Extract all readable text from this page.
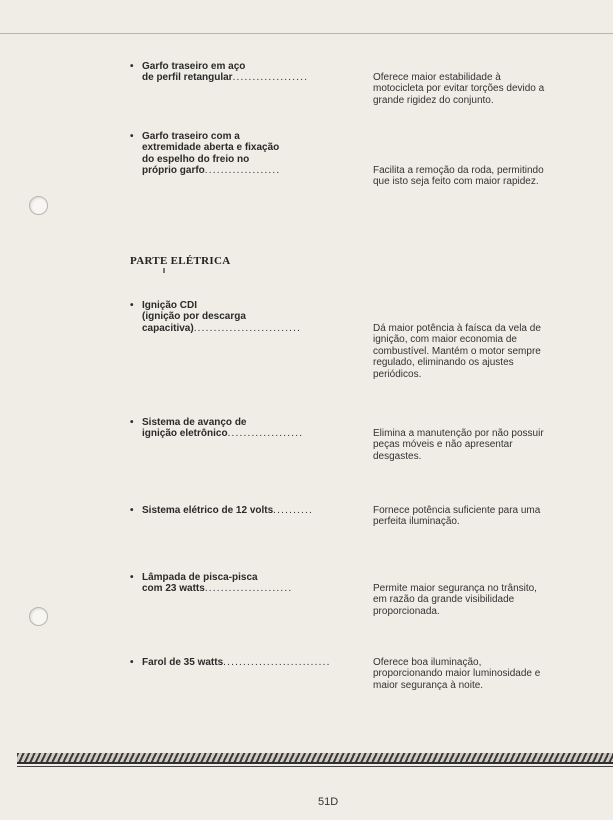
• Garfo traseiro em aço
de perfil retangular...................	Oferece maior estabilidade à motocicleta por evitar torções devido a grande rigidez do conjunto.
• Garfo traseiro com a
extremidade aberta e fixação
do espelho do freio no
próprio garfo...................	Facilita a remoção da roda, permitindo que isto seja feito com maior rapidez.
PARTE ELÉTRICA
• Ignição CDI
(ignição por descarga
capacitiva)...........................	Dá maior potência à faísca da vela de ignição, com maior economia de combustível. Mantém o motor sempre regulado, eliminando os ajustes periódicos.
• Sistema de avanço de
ignição eletrônico...................	Elimina a manutenção por não possuir peças móveis e não apresentar desgastes.
• Sistema elétrico de 12 volts..........	Fornece potência suficiente para uma perfeita iluminação.
• Lâmpada de pisca-pisca
com 23 watts......................	Permite maior segurança no trânsito, em razão da grande visibilidade proporcionada.
• Farol de 35 watts...........................	Oferece boa iluminação, proporcionando maior luminosidade e maior segurança à noite.
51D
